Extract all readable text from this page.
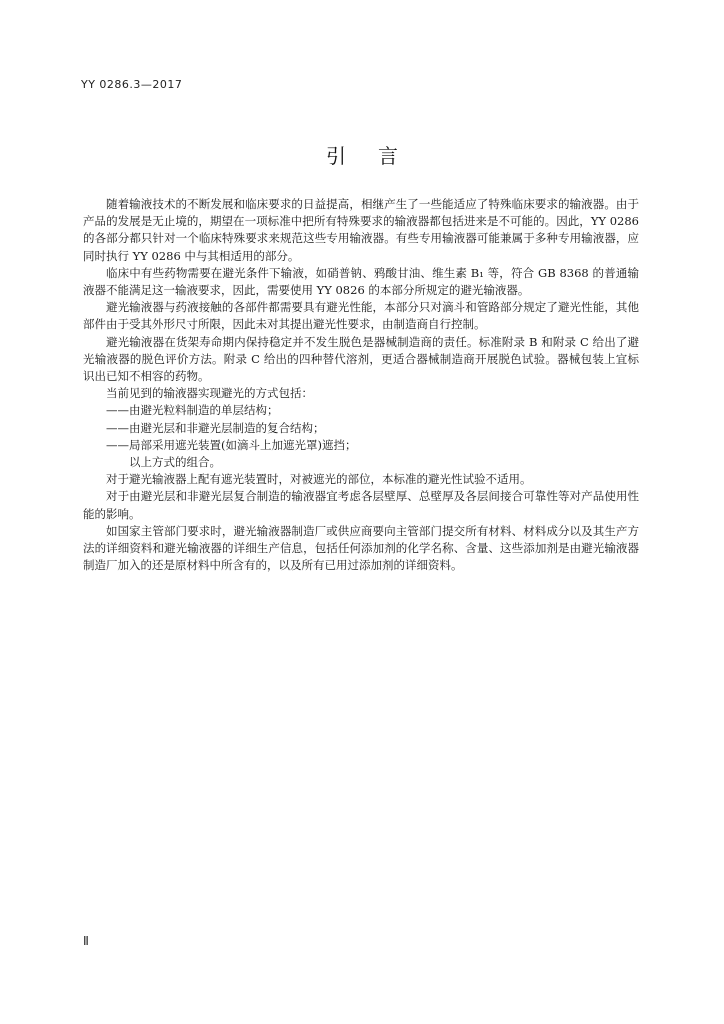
YY 0286.3—2017
引言

随着输液技术的不断发展和临床要求的日益提高，相继产生了一些能适应了特殊临床要求的输液器。由于产品的发展是无止境的，期望在一项标准中把所有特殊要求的输液器都包括进来是不可能的。因此，YY 0286 的各部分都只针对一个临床特殊要求来规范这些专用输液器。有些专用输液器可能兼属于多种专用输液器，应同时执行 YY 0286 中与其相适用的部分。

临床中有些药物需要在避光条件下输液，如硝普钠、鸦酸甘油、维生素 B₁ 等，符合 GB 8368 的普通输液器不能满足这一输液要求，因此，需要使用 YY 0826 的本部分所规定的避光输液器。

避光输液器与药液接触的各部件都需要具有避光性能，本部分只对滴斗和管路部分规定了避光性能，其他部件由于受其外形尺寸所限，因此未对其提出避光性要求，由制造商自行控制。

避光输液器在货架寿命期内保持稳定并不发生脱色是器械制造商的责任。标准附录 B 和附录 C 给出了避光输液器的脱色评价方法。附录 C 给出的四种替代溶剂，更适合器械制造商开展脱色试验。器械包装上宜标识出已知不相容的药物。

当前见到的输液器实现避光的方式包括：

——由避光粒料制造的单层结构；

——由避光层和非避光层制造的复合结构；

——局部采用遮光装置(如滴斗上加遮光罩)遮挡；

以上方式的组合。

对于避光输液器上配有遮光装置时，对被遮光的部位，本标准的避光性试验不适用。

对于由避光层和非避光层复合制造的输液器宜考虑各层壁厚、总壁厚及各层间接合可靠性等对产品使用性能的影响。

如国家主管部门要求时，避光输液器制造厂或供应商要向主管部门提交所有材料、材料成分以及其生产方法的详细资料和避光输液器的详细生产信息，包括任何添加剂的化学名称、含量、这些添加剂是由避光输液器制造厂加入的还是原材料中所含有的，以及所有已用过添加剂的详细资料。

Ⅱ
